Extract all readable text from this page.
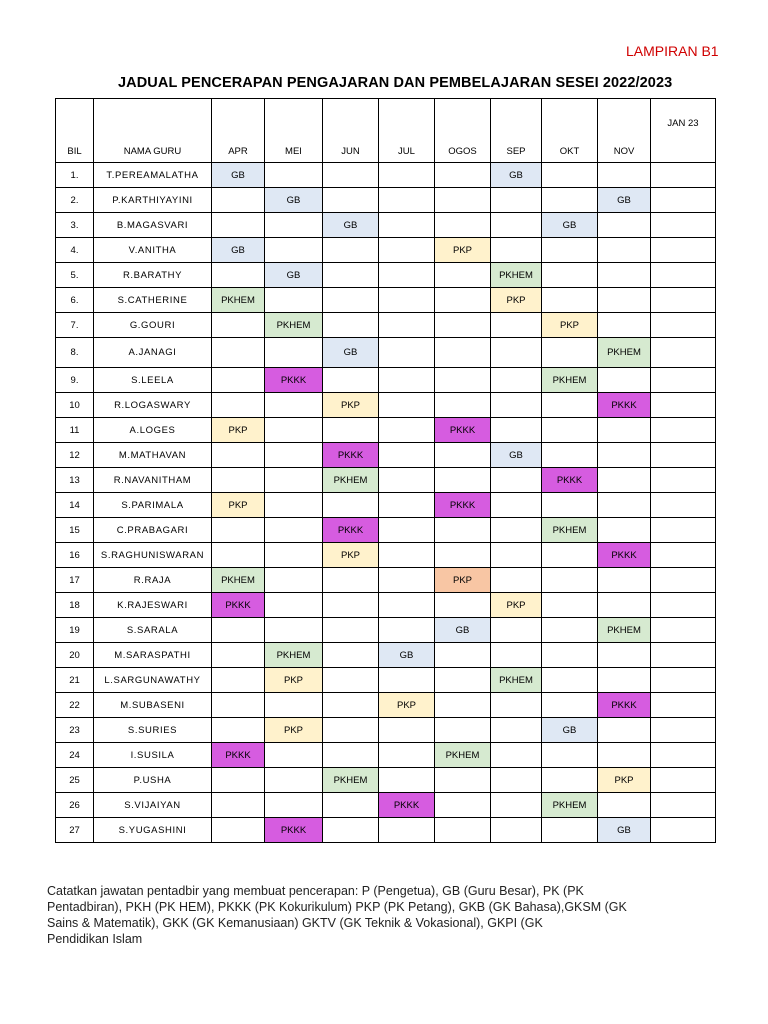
LAMPIRAN B1
JADUAL PENCERAPAN PENGAJARAN DAN PEMBELAJARAN SESEI 2022/2023
BIL	NAMA GURU	APR	MEI	JUN	JUL	OGOS	SEP	OKT	NOV	JAN 23
1.	T.PEREAMALATHA	GB					GB			
2.	P.KARTHIYAYINI		GB						GB	
3.	B.MAGASVARI			GB				GB		
4.	V.ANITHA	GB				PKP				
5.	R.BARATHY		GB				PKHEM			
6.	S.CATHERINE	PKHEM					PKP			
7.	G.GOURI		PKHEM					PKP		
8.	A.JANAGI			GB					PKHEM	
9.	S.LEELA		PKKK					PKHEM		
10	R.LOGASWARY			PKP					PKKK	
11	A.LOGES	PKP				PKKK				
12	M.MATHAVAN			PKKK			GB			
13	R.NAVANITHAM			PKHEM				PKKK		
14	S.PARIMALA	PKP				PKKK				
15	C.PRABAGARI			PKKK				PKHEM		
16	S.RAGHUNISWARAN			PKP					PKKK	
17	R.RAJA	PKHEM				PKP				
18	K.RAJESWARI	PKKK					PKP			
19	S.SARALA					GB			PKHEM	
20	M.SARASPATHI		PKHEM		GB					
21	L.SARGUNAWATHY		PKP				PKHEM			
22	M.SUBASENI				PKP				PKKK	
23	S.SURIES		PKP					GB		
24	I.SUSILA	PKKK				PKHEM				
25	P.USHA			PKHEM					PKP	
26	S.VIJAIYAN				PKKK			PKHEM		
27	S.YUGASHINI		PKKK						GB	
Catatkan jawatan pentadbir yang membuat pencerapan: P (Pengetua), GB (Guru Besar), PK (PK
Pentadbiran), PKH (PK HEM), PKKK (PK Kokurikulum) PKP (PK Petang), GKB (GK Bahasa),GKSM (GK
Sains & Matematik), GKK (GK Kemanusiaan) GKTV (GK Teknik & Vokasional), GKPI (GK
Pendidikan Islam
